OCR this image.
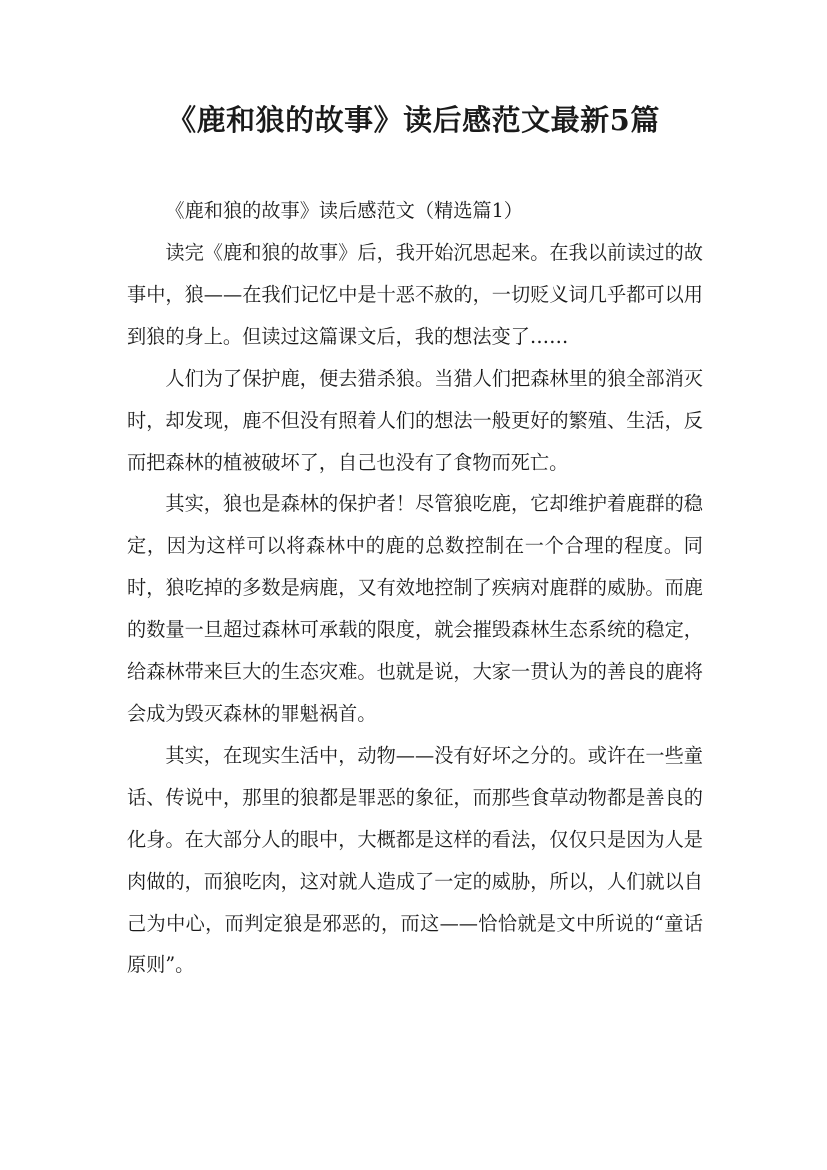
《鹿和狼的故事》读后感范文最新5篇

《鹿和狼的故事》读后感范文（精选篇1）

读完《鹿和狼的故事》后，我开始沉思起来。在我以前读过的故事中，狼——在我们记忆中是十恶不赦的，一切贬义词几乎都可以用到狼的身上。但读过这篇课文后，我的想法变了……

人们为了保护鹿，便去猎杀狼。当猎人们把森林里的狼全部消灭时，却发现，鹿不但没有照着人们的想法一般更好的繁殖、生活，反而把森林的植被破坏了，自己也没有了食物而死亡。

其实，狼也是森林的保护者！尽管狼吃鹿，它却维护着鹿群的稳定，因为这样可以将森林中的鹿的总数控制在一个合理的程度。同时，狼吃掉的多数是病鹿，又有效地控制了疾病对鹿群的威胁。而鹿的数量一旦超过森林可承载的限度，就会摧毁森林生态系统的稳定，给森林带来巨大的生态灾难。也就是说，大家一贯认为的善良的鹿将会成为毁灭森林的罪魁祸首。

其实，在现实生活中，动物——没有好坏之分的。或许在一些童话、传说中，那里的狼都是罪恶的象征，而那些食草动物都是善良的化身。在大部分人的眼中，大概都是这样的看法，仅仅只是因为人是肉做的，而狼吃肉，这对就人造成了一定的威胁，所以，人们就以自己为中心，而判定狼是邪恶的，而这——恰恰就是文中所说的“童话原则”。
